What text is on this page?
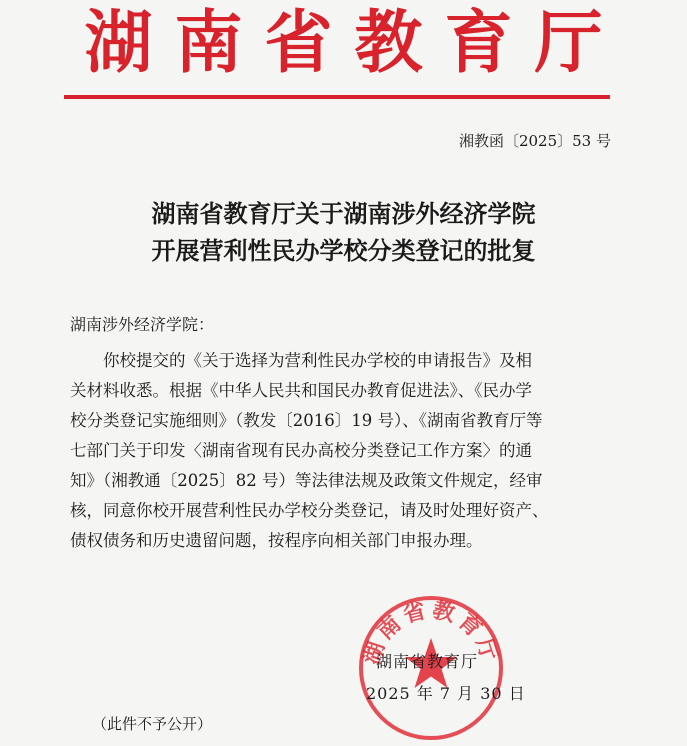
湖南省教育厅
湘教函〔2025〕53 号
湖南省教育厅关于湖南涉外经济学院
开展营利性民办学校分类登记的批复
湖南涉外经济学院：
你校提交的《关于选择为营利性民办学校的申请报告》及相
关材料收悉。根据《中华人民共和国民办教育促进法》、《民办学
校分类登记实施细则》（教发〔2016〕19 号）、《湖南省教育厅等
七部门关于印发〈湖南省现有民办高校分类登记工作方案〉的通
知》（湘教通〔2025〕82 号）等法律法规及政策文件规定，经审
核，同意你校开展营利性民办学校分类登记，请及时处理好资产、
债权债务和历史遗留问题，按程序向相关部门申报办理。
湖南省教育厅
湖南省教育厅
2025 年 7 月 30 日
（此件不予公开）
